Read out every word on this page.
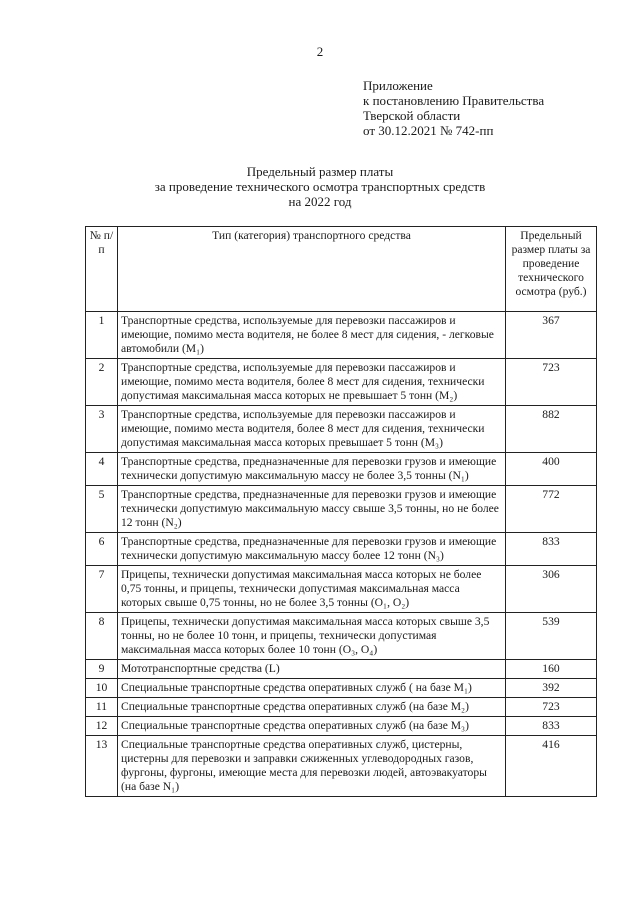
2
Приложение
к постановлению Правительства
Тверской области
от 30.12.2021 № 742-пп
Предельный размер платы
за проведение технического осмотра транспортных средств
на 2022 год
№ п/п	Тип (категория) транспортного средства	Предельный размер платы за проведение технического осмотра (руб.)
1	Транспортные средства, используемые для перевозки пассажиров и имеющие, помимо места водителя, не более 8 мест для сидения, - легковые автомобили (M₁)	367
2	Транспортные средства, используемые для перевозки пассажиров и имеющие, помимо места водителя, более 8 мест для сидения, технически допустимая максимальная масса которых не превышает 5 тонн (M₂)	723
3	Транспортные средства, используемые для перевозки пассажиров и имеющие, помимо места водителя, более 8 мест для сидения, технически допустимая максимальная масса которых превышает 5 тонн (M₃)	882
4	Транспортные средства, предназначенные для перевозки грузов и имеющие технически допустимую максимальную массу не более 3,5 тонны (N₁)	400
5	Транспортные средства, предназначенные для перевозки грузов и имеющие технически допустимую максимальную массу свыше 3,5 тонны, но не более 12 тонн (N₂)	772
6	Транспортные средства, предназначенные для перевозки грузов и имеющие технически допустимую максимальную массу более 12 тонн (N₃)	833
7	Прицепы, технически допустимая максимальная масса которых не более 0,75 тонны, и прицепы, технически допустимая максимальная масса которых свыше 0,75 тонны, но не более 3,5 тонны (O₁, O₂)	306
8	Прицепы, технически допустимая максимальная масса которых свыше 3,5 тонны, но не более 10 тонн, и прицепы, технически допустимая максимальная масса которых более 10 тонн (O₃, O₄)	539
9	Мототранспортные средства (L)	160
10	Специальные транспортные средства оперативных служб ( на базе M₁)	392
11	Специальные транспортные средства оперативных служб (на базе M₂)	723
12	Специальные транспортные средства оперативных служб (на базе M₃)	833
13	Специальные транспортные средства оперативных служб, цистерны, цистерны для перевозки и заправки сжиженных углеводородных газов, фургоны, фургоны, имеющие места для перевозки людей, автоэвакуаторы (на базе N₁)	416
